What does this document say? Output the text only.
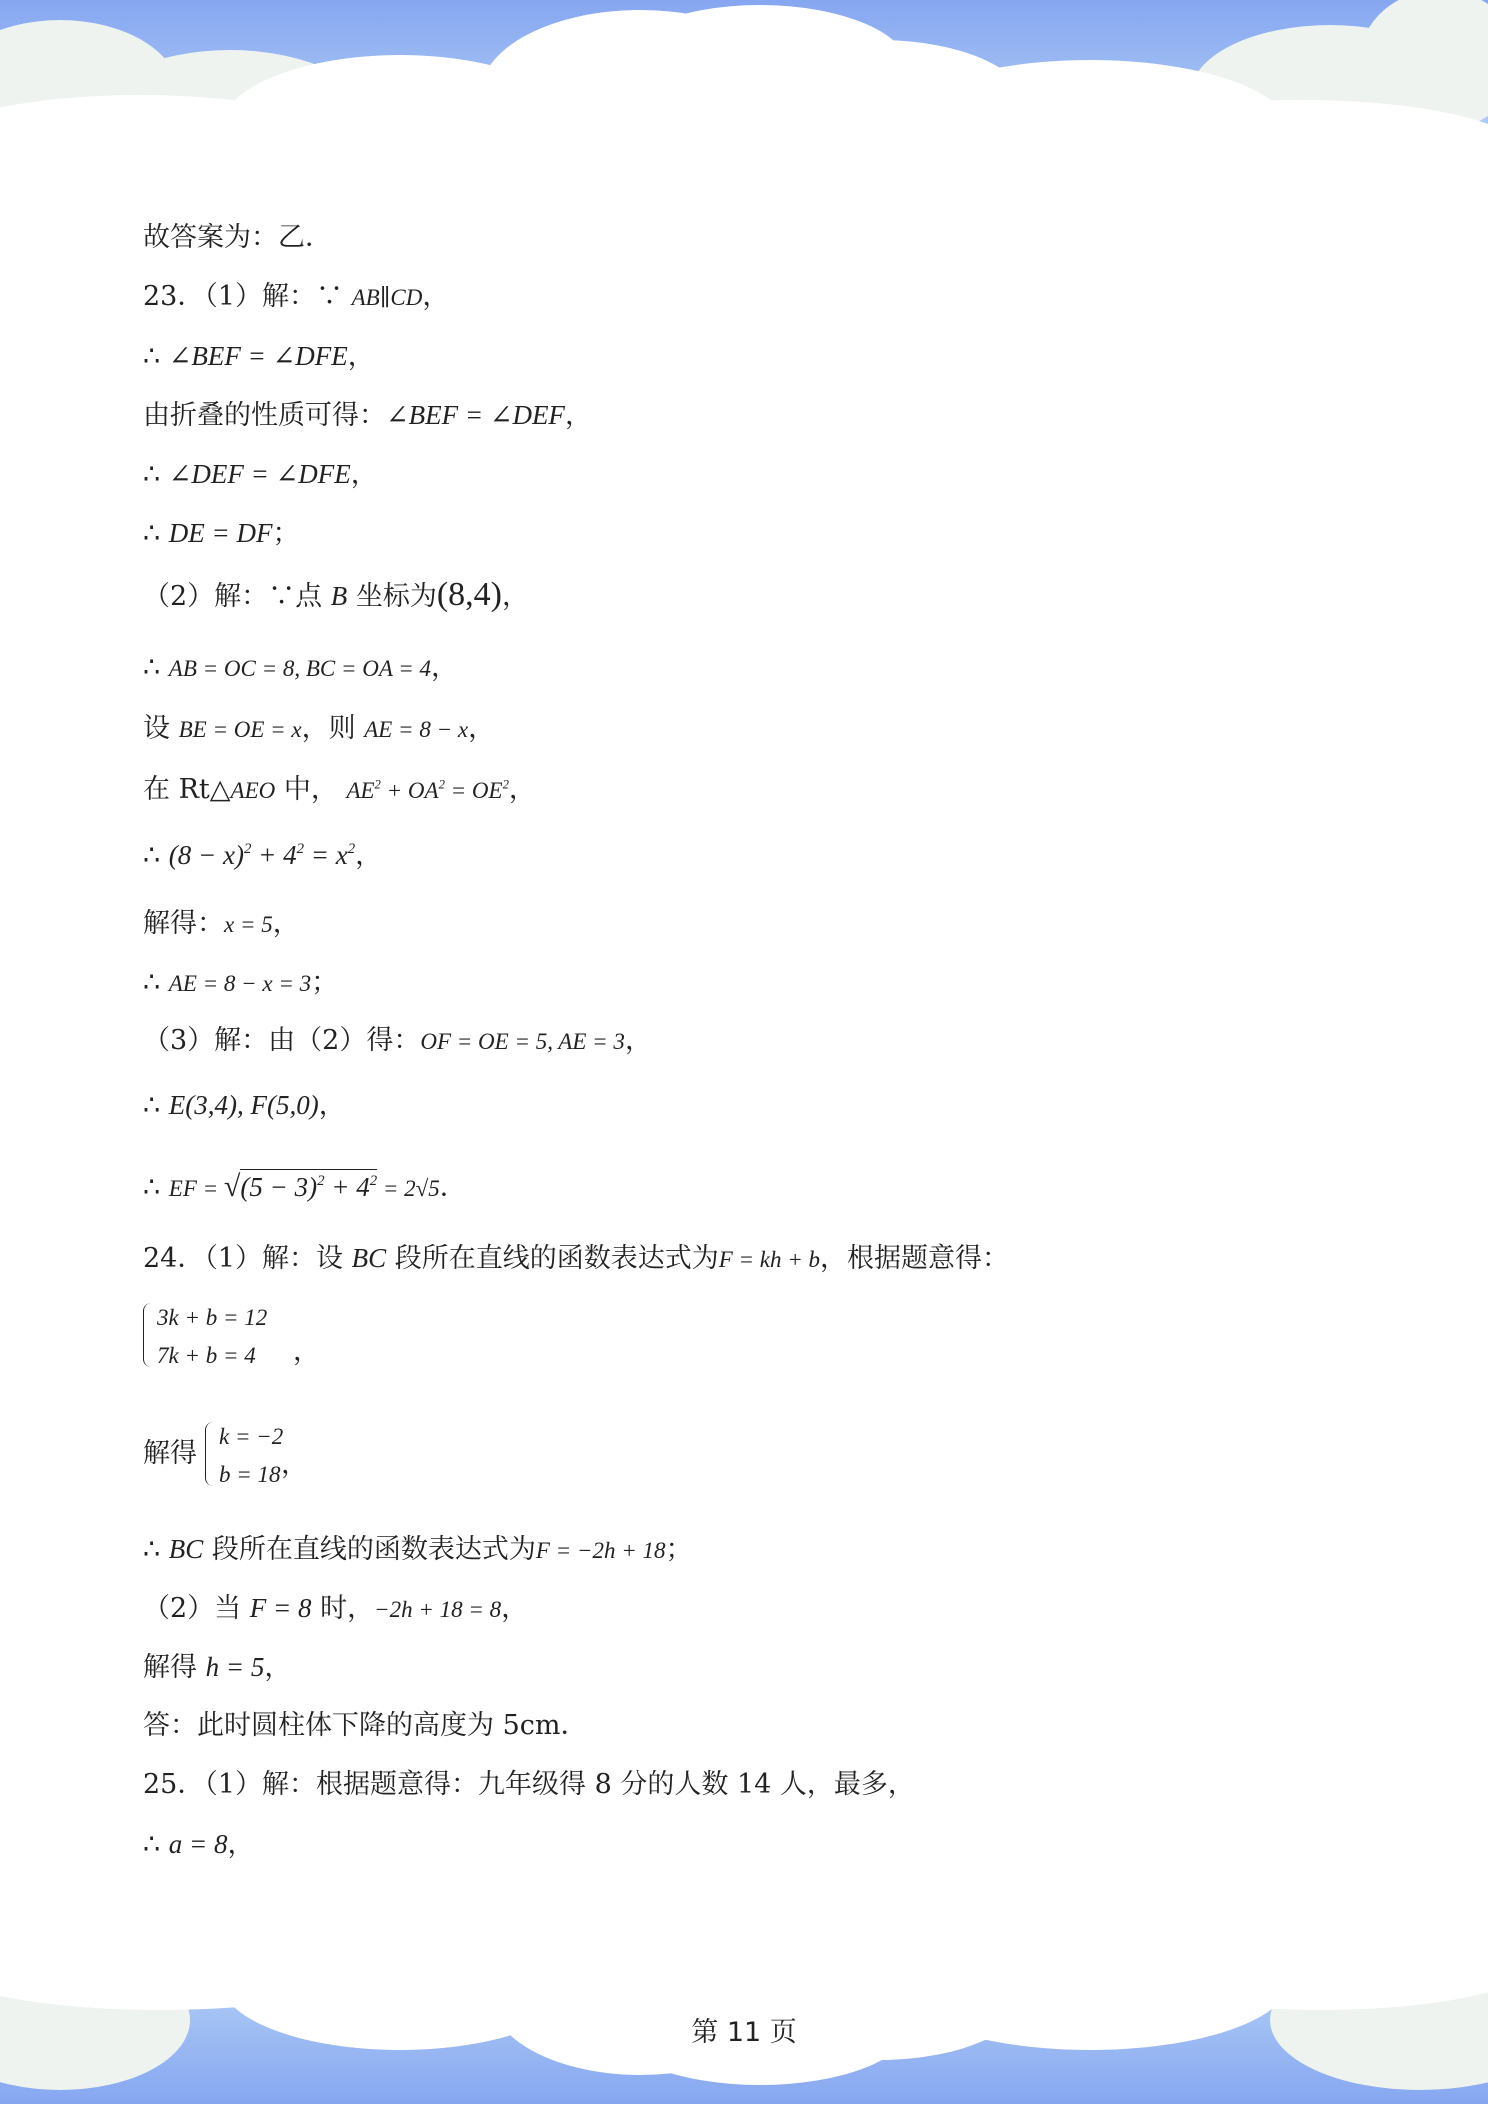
故答案为：乙．
23．（1）解：∵ AB∥CD，
∴ ∠BEF = ∠DFE，
由折叠的性质可得：∠BEF = ∠DEF，
∴ ∠DEF = ∠DFE，
∴ DE = DF；
（2）解：∵点 B 坐标为(8,4)，
∴ AB = OC = 8, BC = OA = 4，
设 BE = OE = x，则 AE = 8 − x，
在 Rt△AEO 中， $AE^2 + OA^2 = OE^2$，
∴ $(8 - x)^2 + 4^2 = x^2$，
解得：x = 5，
∴ AE = 8 − x = 3；
（3）解：由（2）得：OF = OE = 5, AE = 3，
∴ E(3,4), F(5,0)，
∴ EF = $√(5 - 3)^2 + 4^2 = 2√5$．
24．（1）解：设 BC 段所在直线的函数表达式为F = kh + b，根据题意得：
3k + b = 12
7k + b = 4 ，
解得
k = −2
b = 18 ，
∴ BC 段所在直线的函数表达式为F = −2h + 18；
（2）当 F = 8 时，−2h + 18 = 8，
解得 h = 5，
答：此时圆柱体下降的高度为 5cm．
25．（1）解：根据题意得：九年级得 8 分的人数 14 人，最多，
∴ a = 8，
第 11 页
